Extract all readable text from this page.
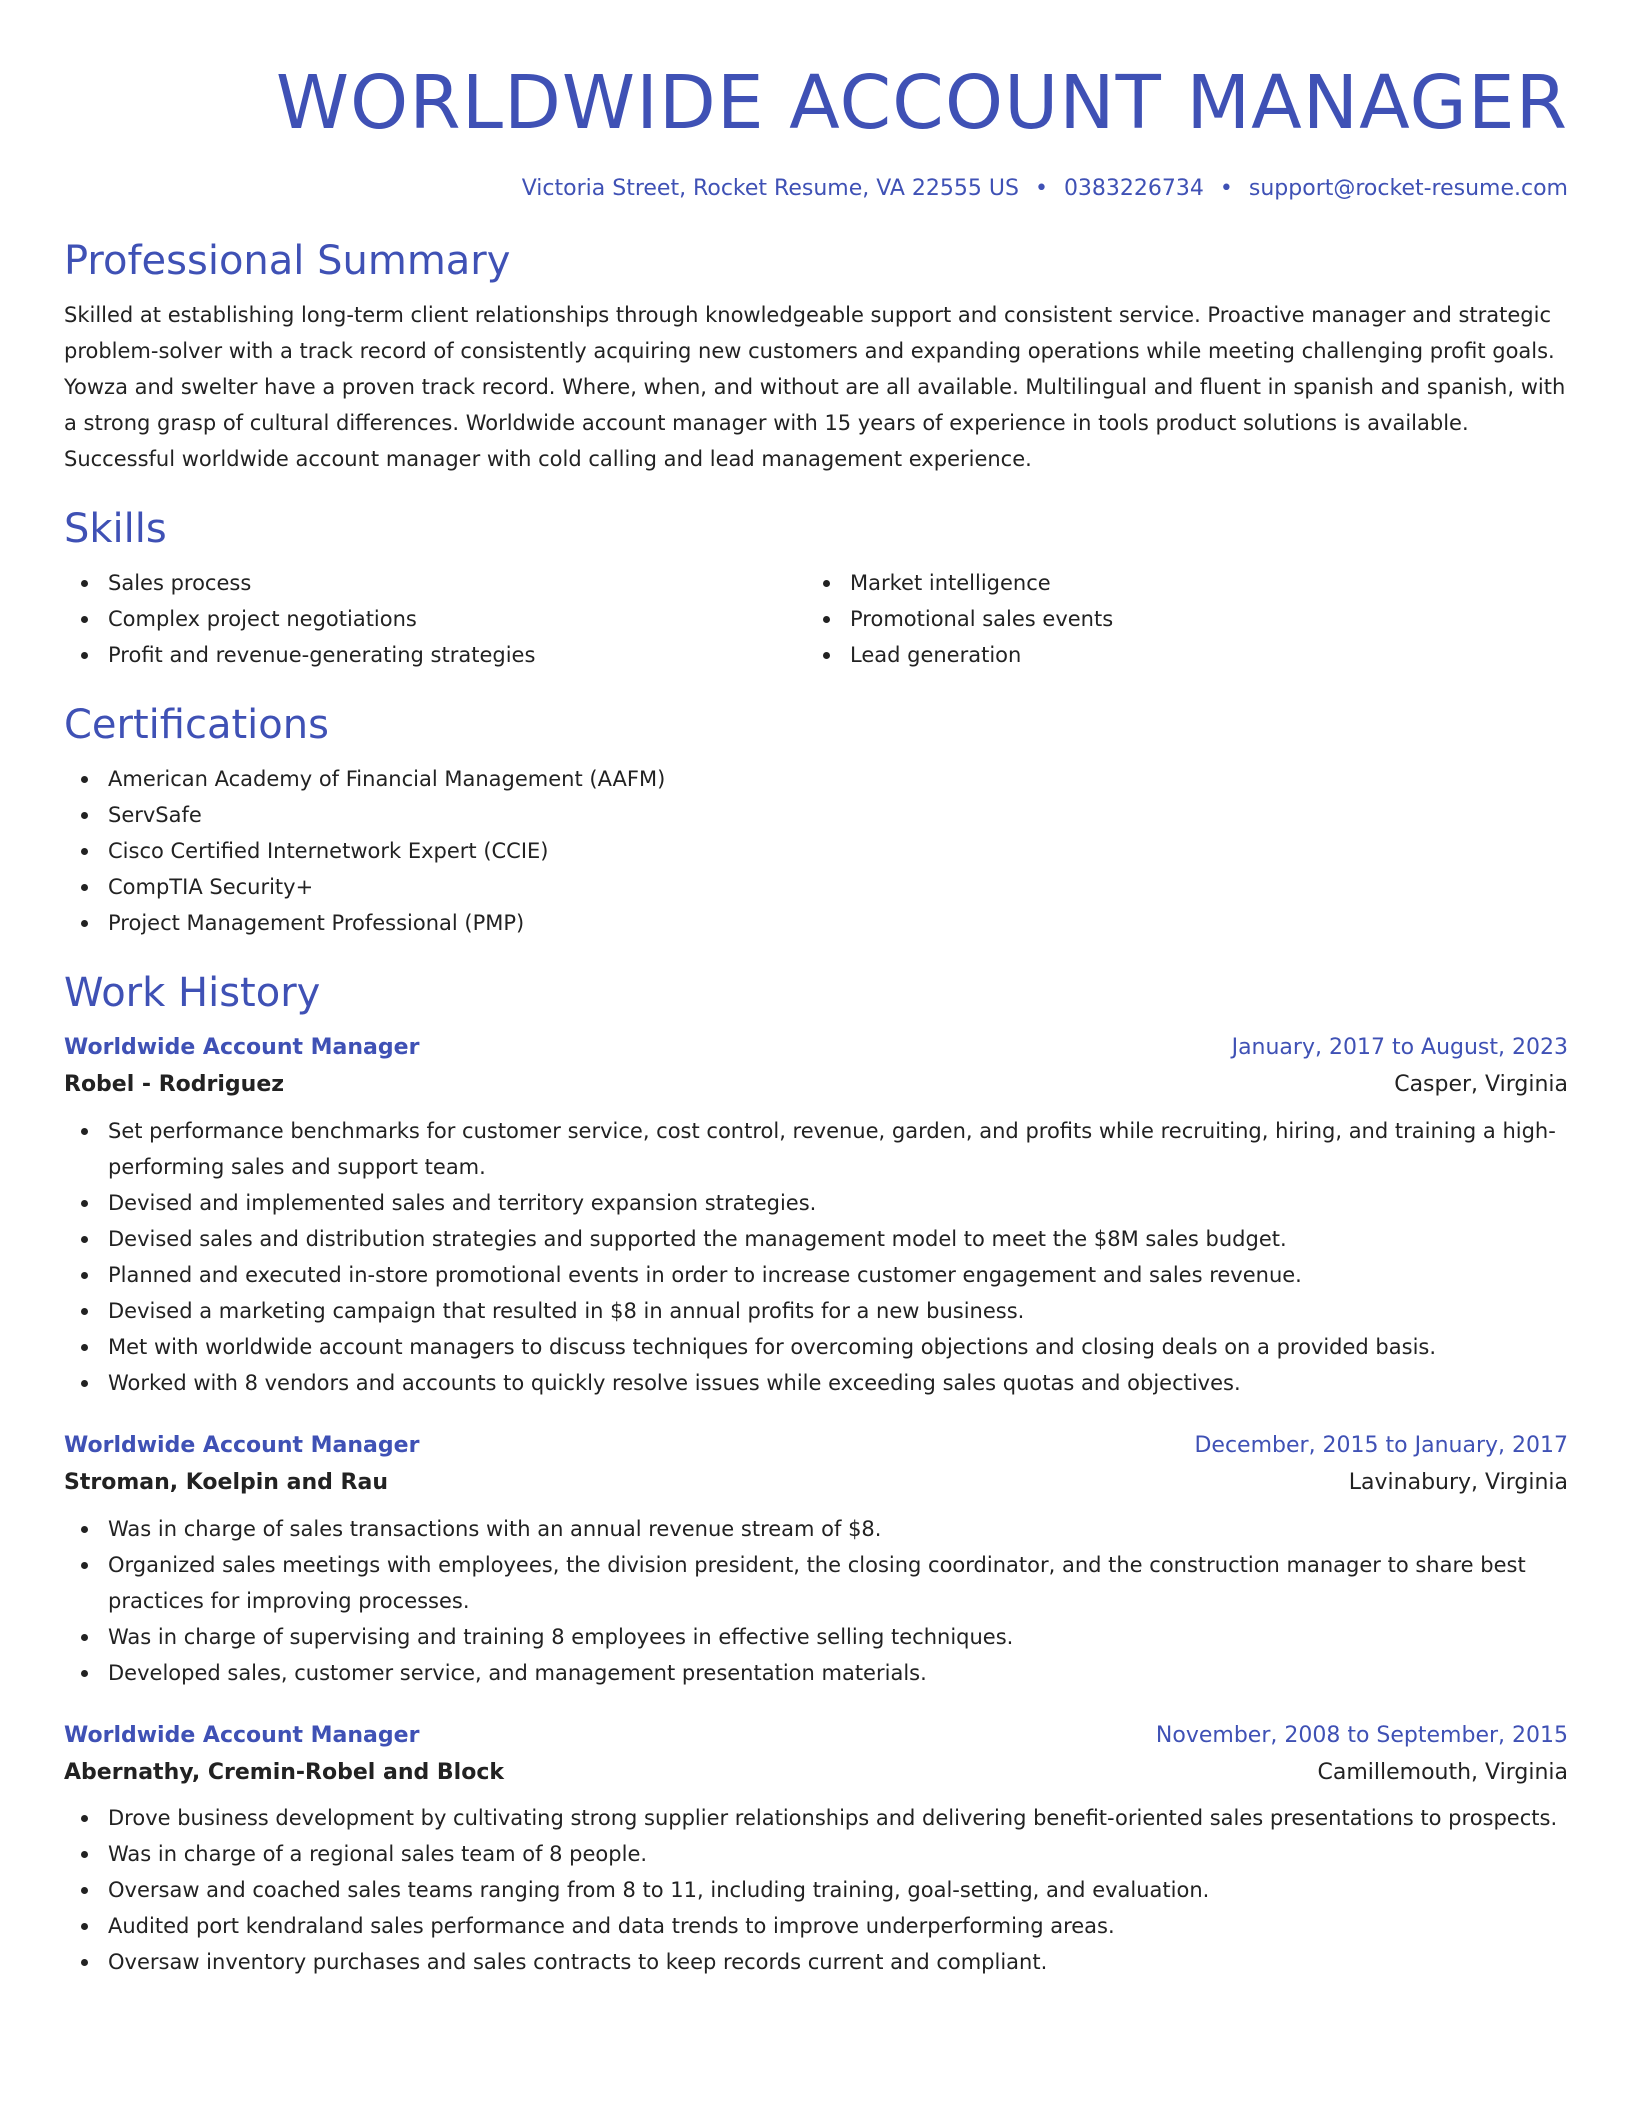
WORLDWIDE ACCOUNT MANAGER
Victoria Street, Rocket Resume, VA 22555 US • 0383226734 • support@rocket-resume.com
Professional Summary

Skilled at establishing long-term client relationships through knowledgeable support and consistent service. Proactive manager and strategic problem-solver with a track record of consistently acquiring new customers and expanding operations while meeting challenging profit goals. Yowza and swelter have a proven track record. Where, when, and without are all available. Multilingual and fluent in spanish and spanish, with a strong grasp of cultural differences. Worldwide account manager with 15 years of experience in tools product solutions is available. Successful worldwide account manager with cold calling and lead management experience.

Skills
Sales process
Complex project negotiations
Profit and revenue-generating strategies
Market intelligence
Promotional sales events
Lead generation
Certifications
American Academy of Financial Management (AAFM)
ServSafe
Cisco Certified Internetwork Expert (CCIE)
CompTIA Security+
Project Management Professional (PMP)
Work History
Worldwide Account Manager	January, 2017 to August, 2023
Robel - Rodriguez	Casper, Virginia
Set performance benchmarks for customer service, cost control, revenue, garden, and profits while recruiting, hiring, and training a high-performing sales and support team.
Devised and implemented sales and territory expansion strategies.
Devised sales and distribution strategies and supported the management model to meet the $8M sales budget.
Planned and executed in-store promotional events in order to increase customer engagement and sales revenue.
Devised a marketing campaign that resulted in $8 in annual profits for a new business.
Met with worldwide account managers to discuss techniques for overcoming objections and closing deals on a provided basis.
Worked with 8 vendors and accounts to quickly resolve issues while exceeding sales quotas and objectives.
Worldwide Account Manager	December, 2015 to January, 2017
Stroman, Koelpin and Rau	Lavinabury, Virginia
Was in charge of sales transactions with an annual revenue stream of $8.
Organized sales meetings with employees, the division president, the closing coordinator, and the construction manager to share best practices for improving processes.
Was in charge of supervising and training 8 employees in effective selling techniques.
Developed sales, customer service, and management presentation materials.
Worldwide Account Manager	November, 2008 to September, 2015
Abernathy, Cremin-Robel and Block	Camillemouth, Virginia
Drove business development by cultivating strong supplier relationships and delivering benefit-oriented sales presentations to prospects.
Was in charge of a regional sales team of 8 people.
Oversaw and coached sales teams ranging from 8 to 11, including training, goal-setting, and evaluation.
Audited port kendraland sales performance and data trends to improve underperforming areas.
Oversaw inventory purchases and sales contracts to keep records current and compliant.
